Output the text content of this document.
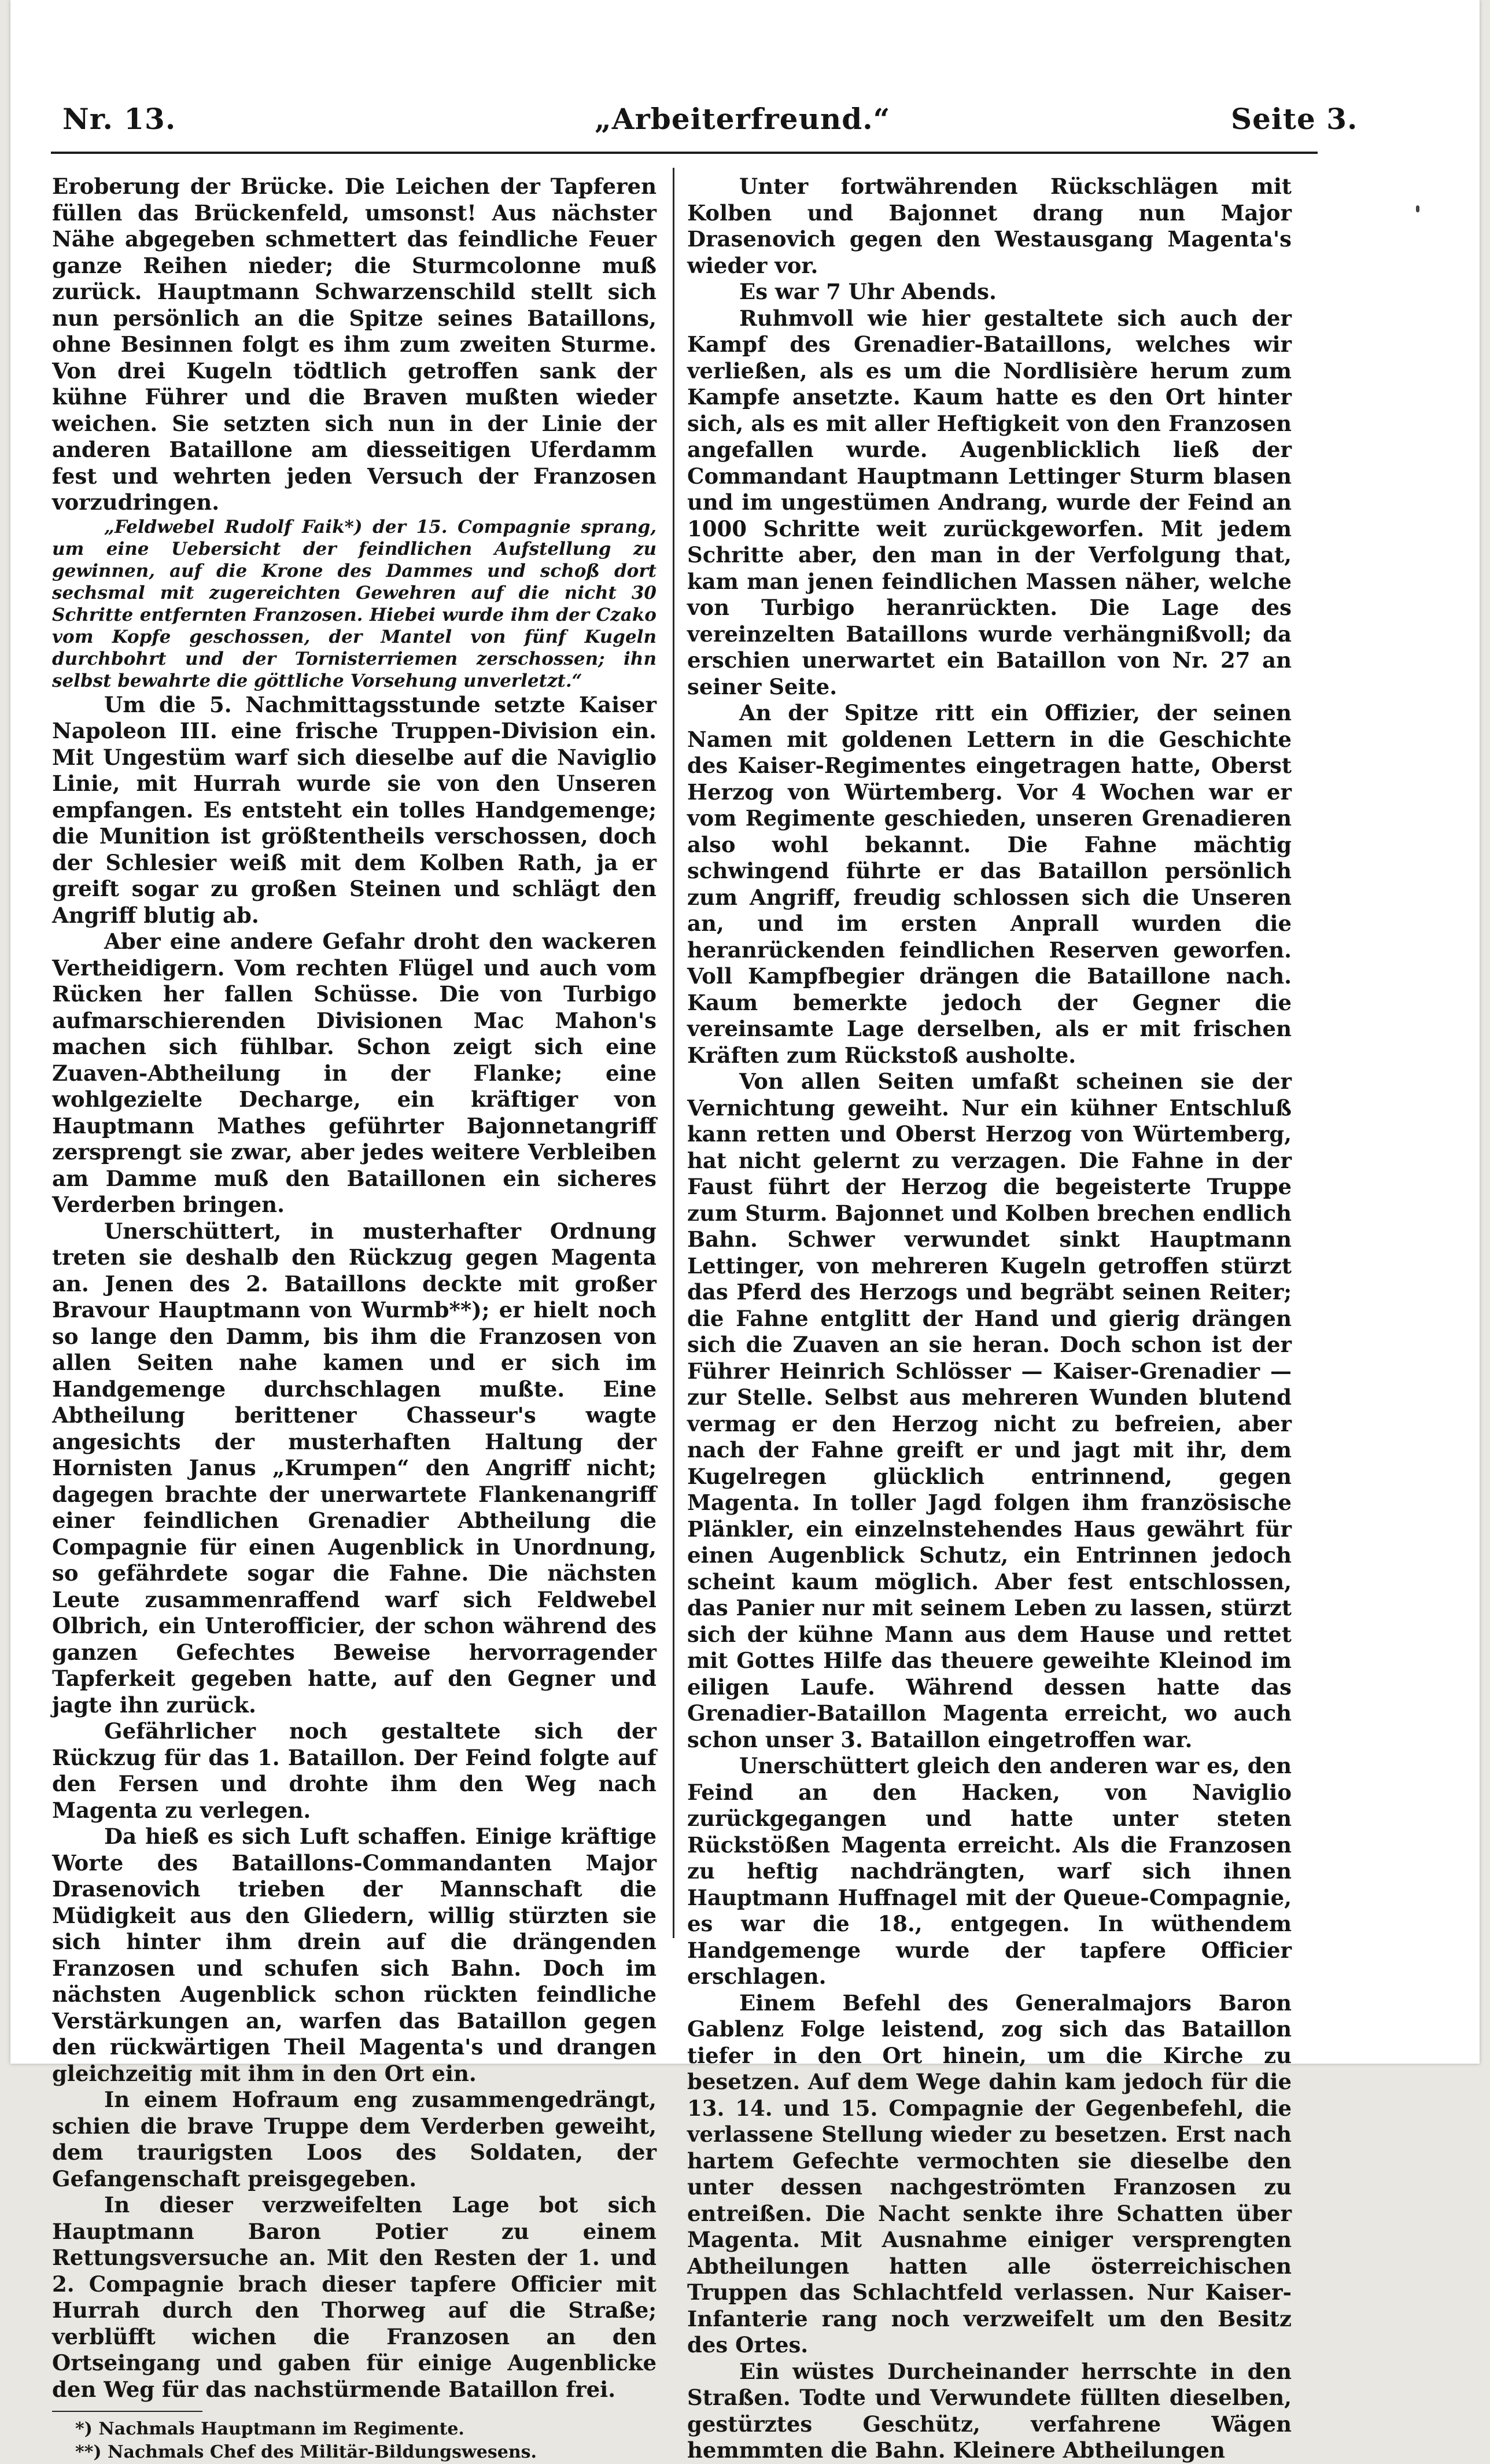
Nr. 13.	„Arbeiterfreund.“	Seite 3.

Eroberung der Brücke. Die Leichen der Tapferen füllen das Brückenfeld, umsonst! Aus nächster Nähe abgegeben schmettert das feindliche Feuer ganze Reihen nieder; die Sturmcolonne muß zurück. Hauptmann Schwarzenschild stellt sich nun persönlich an die Spitze seines Bataillons, ohne Besinnen folgt es ihm zum zweiten Sturme. Von drei Kugeln tödtlich getroffen sank der kühne Führer und die Braven mußten wieder weichen. Sie setzten sich nun in der Linie der anderen Bataillone am diesseitigen Uferdamm fest und wehrten jeden Versuch der Franzosen vorzudringen.

„Feldwebel Rudolf Faik*) der 15. Compagnie sprang, um eine Uebersicht der feindlichen Aufstellung zu gewinnen, auf die Krone des Dammes und schoß dort sechsmal mit zugereichten Gewehren auf die nicht 30 Schritte entfernten Franzosen. Hiebei wurde ihm der Czako vom Kopfe geschossen, der Mantel von fünf Kugeln durchbohrt und der Tornisterriemen zerschossen; ihn selbst bewahrte die göttliche Vorsehung unverletzt.“

Um die 5. Nachmittagsstunde setzte Kaiser Napoleon III. eine frische Truppen-Division ein. Mit Ungestüm warf sich dieselbe auf die Naviglio Linie, mit Hurrah wurde sie von den Unseren empfangen. Es entsteht ein tolles Handgemenge; die Munition ist größtentheils verschossen, doch der Schlesier weiß mit dem Kolben Rath, ja er greift sogar zu großen Steinen und schlägt den Angriff blutig ab.

Aber eine andere Gefahr droht den wackeren Vertheidigern. Vom rechten Flügel und auch vom Rücken her fallen Schüsse. Die von Turbigo aufmarschierenden Divisionen Mac Mahon's machen sich fühlbar. Schon zeigt sich eine Zuaven-Abtheilung in der Flanke; eine wohlgezielte Decharge, ein kräftiger von Hauptmann Mathes geführter Bajonnetangriff zersprengt sie zwar, aber jedes weitere Verbleiben am Damme muß den Bataillonen ein sicheres Verderben bringen.

Unerschüttert, in musterhafter Ordnung treten sie deshalb den Rückzug gegen Magenta an. Jenen des 2. Bataillons deckte mit großer Bravour Hauptmann von Wurmb**); er hielt noch so lange den Damm, bis ihm die Franzosen von allen Seiten nahe kamen und er sich im Handgemenge durchschlagen mußte. Eine Abtheilung berittener Chasseur's wagte angesichts der musterhaften Haltung der Hornisten Janus „Krumpen“ den Angriff nicht; dagegen brachte der unerwartete Flankenangriff einer feindlichen Grenadier Abtheilung die Compagnie für einen Augenblick in Unordnung, so gefährdete sogar die Fahne. Die nächsten Leute zusammenraffend warf sich Feldwebel Olbrich, ein Unterofficier, der schon während des ganzen Gefechtes Beweise hervorragender Tapferkeit gegeben hatte, auf den Gegner und jagte ihn zurück.

Gefährlicher noch gestaltete sich der Rückzug für das 1. Bataillon. Der Feind folgte auf den Fersen und drohte ihm den Weg nach Magenta zu verlegen.

Da hieß es sich Luft schaffen. Einige kräftige Worte des Bataillons-Commandanten Major Drasenovich trieben der Mannschaft die Müdigkeit aus den Gliedern, willig stürzten sie sich hinter ihm drein auf die drängenden Franzosen und schufen sich Bahn. Doch im nächsten Augenblick schon rückten feindliche Verstärkungen an, warfen das Bataillon gegen den rückwärtigen Theil Magenta's und drangen gleichzeitig mit ihm in den Ort ein.

In einem Hofraum eng zusammengedrängt, schien die brave Truppe dem Verderben geweiht, dem traurigsten Loos des Soldaten, der Gefangenschaft preisgegeben.

In dieser verzweifelten Lage bot sich Hauptmann Baron Potier zu einem Rettungsversuche an. Mit den Resten der 1. und 2. Compagnie brach dieser tapfere Officier mit Hurrah durch den Thorweg auf die Straße; verblüfft wichen die Franzosen an den Ortseingang und gaben für einige Augenblicke den Weg für das nachstürmende Bataillon frei.

*) Nachmals Hauptmann im Regimente.

**) Nachmals Chef des Militär-Bildungswesens.

Unter fortwährenden Rückschlägen mit Kolben und Bajonnet drang nun Major Drasenovich gegen den Westausgang Magenta's wieder vor.

Es war 7 Uhr Abends.

Ruhmvoll wie hier gestaltete sich auch der Kampf des Grenadier-Bataillons, welches wir verließen, als es um die Nordlisière herum zum Kampfe ansetzte. Kaum hatte es den Ort hinter sich, als es mit aller Heftigkeit von den Franzosen angefallen wurde. Augenblicklich ließ der Commandant Hauptmann Lettinger Sturm blasen und im ungestümen Andrang, wurde der Feind an 1000 Schritte weit zurückgeworfen. Mit jedem Schritte aber, den man in der Verfolgung that, kam man jenen feindlichen Massen näher, welche von Turbigo heranrückten. Die Lage des vereinzelten Bataillons wurde verhängnißvoll; da erschien unerwartet ein Bataillon von Nr. 27 an seiner Seite.

An der Spitze ritt ein Offizier, der seinen Namen mit goldenen Lettern in die Geschichte des Kaiser-Regimentes eingetragen hatte, Oberst Herzog von Würtemberg. Vor 4 Wochen war er vom Regimente geschieden, unseren Grenadieren also wohl bekannt. Die Fahne mächtig schwingend führte er das Bataillon persönlich zum Angriff, freudig schlossen sich die Unseren an, und im ersten Anprall wurden die heranrückenden feindlichen Reserven geworfen. Voll Kampfbegier drängen die Bataillone nach. Kaum bemerkte jedoch der Gegner die vereinsamte Lage derselben, als er mit frischen Kräften zum Rückstoß ausholte.

Von allen Seiten umfaßt scheinen sie der Vernichtung geweiht. Nur ein kühner Entschluß kann retten und Oberst Herzog von Würtemberg, hat nicht gelernt zu verzagen. Die Fahne in der Faust führt der Herzog die begeisterte Truppe zum Sturm. Bajonnet und Kolben brechen endlich Bahn. Schwer verwundet sinkt Hauptmann Lettinger, von mehreren Kugeln getroffen stürzt das Pferd des Herzogs und begräbt seinen Reiter; die Fahne entglitt der Hand und gierig drängen sich die Zuaven an sie heran. Doch schon ist der Führer Heinrich Schlösser — Kaiser-Grenadier — zur Stelle. Selbst aus mehreren Wunden blutend vermag er den Herzog nicht zu befreien, aber nach der Fahne greift er und jagt mit ihr, dem Kugelregen glücklich entrinnend, gegen Magenta. In toller Jagd folgen ihm französische Plänkler, ein einzelnstehendes Haus gewährt für einen Augenblick Schutz, ein Entrinnen jedoch scheint kaum möglich. Aber fest entschlossen, das Panier nur mit seinem Leben zu lassen, stürzt sich der kühne Mann aus dem Hause und rettet mit Gottes Hilfe das theuere geweihte Kleinod im eiligen Laufe. Während dessen hatte das Grenadier-Bataillon Magenta erreicht, wo auch schon unser 3. Bataillon eingetroffen war.

Unerschüttert gleich den anderen war es, den Feind an den Hacken, von Naviglio zurückgegangen und hatte unter steten Rückstößen Magenta erreicht. Als die Franzosen zu heftig nachdrängten, warf sich ihnen Hauptmann Huffnagel mit der Queue-Compagnie, es war die 18., entgegen. In wüthendem Handgemenge wurde der tapfere Officier erschlagen.

Einem Befehl des Generalmajors Baron Gablenz Folge leistend, zog sich das Bataillon tiefer in den Ort hinein, um die Kirche zu besetzen. Auf dem Wege dahin kam jedoch für die 13. 14. und 15. Compagnie der Gegenbefehl, die verlassene Stellung wieder zu besetzen. Erst nach hartem Gefechte vermochten sie dieselbe den unter dessen nachgeströmten Franzosen zu entreißen. Die Nacht senkte ihre Schatten über Magenta. Mit Ausnahme einiger versprengten Abtheilungen hatten alle österreichischen Truppen das Schlachtfeld verlassen. Nur Kaiser-Infanterie rang noch verzweifelt um den Besitz des Ortes.

Ein wüstes Durcheinander herrschte in den Straßen. Todte und Verwundete füllten dieselben, gestürztes Geschütz, verfahrene Wägen hemmmten die Bahn. Kleinere Abtheilungen
